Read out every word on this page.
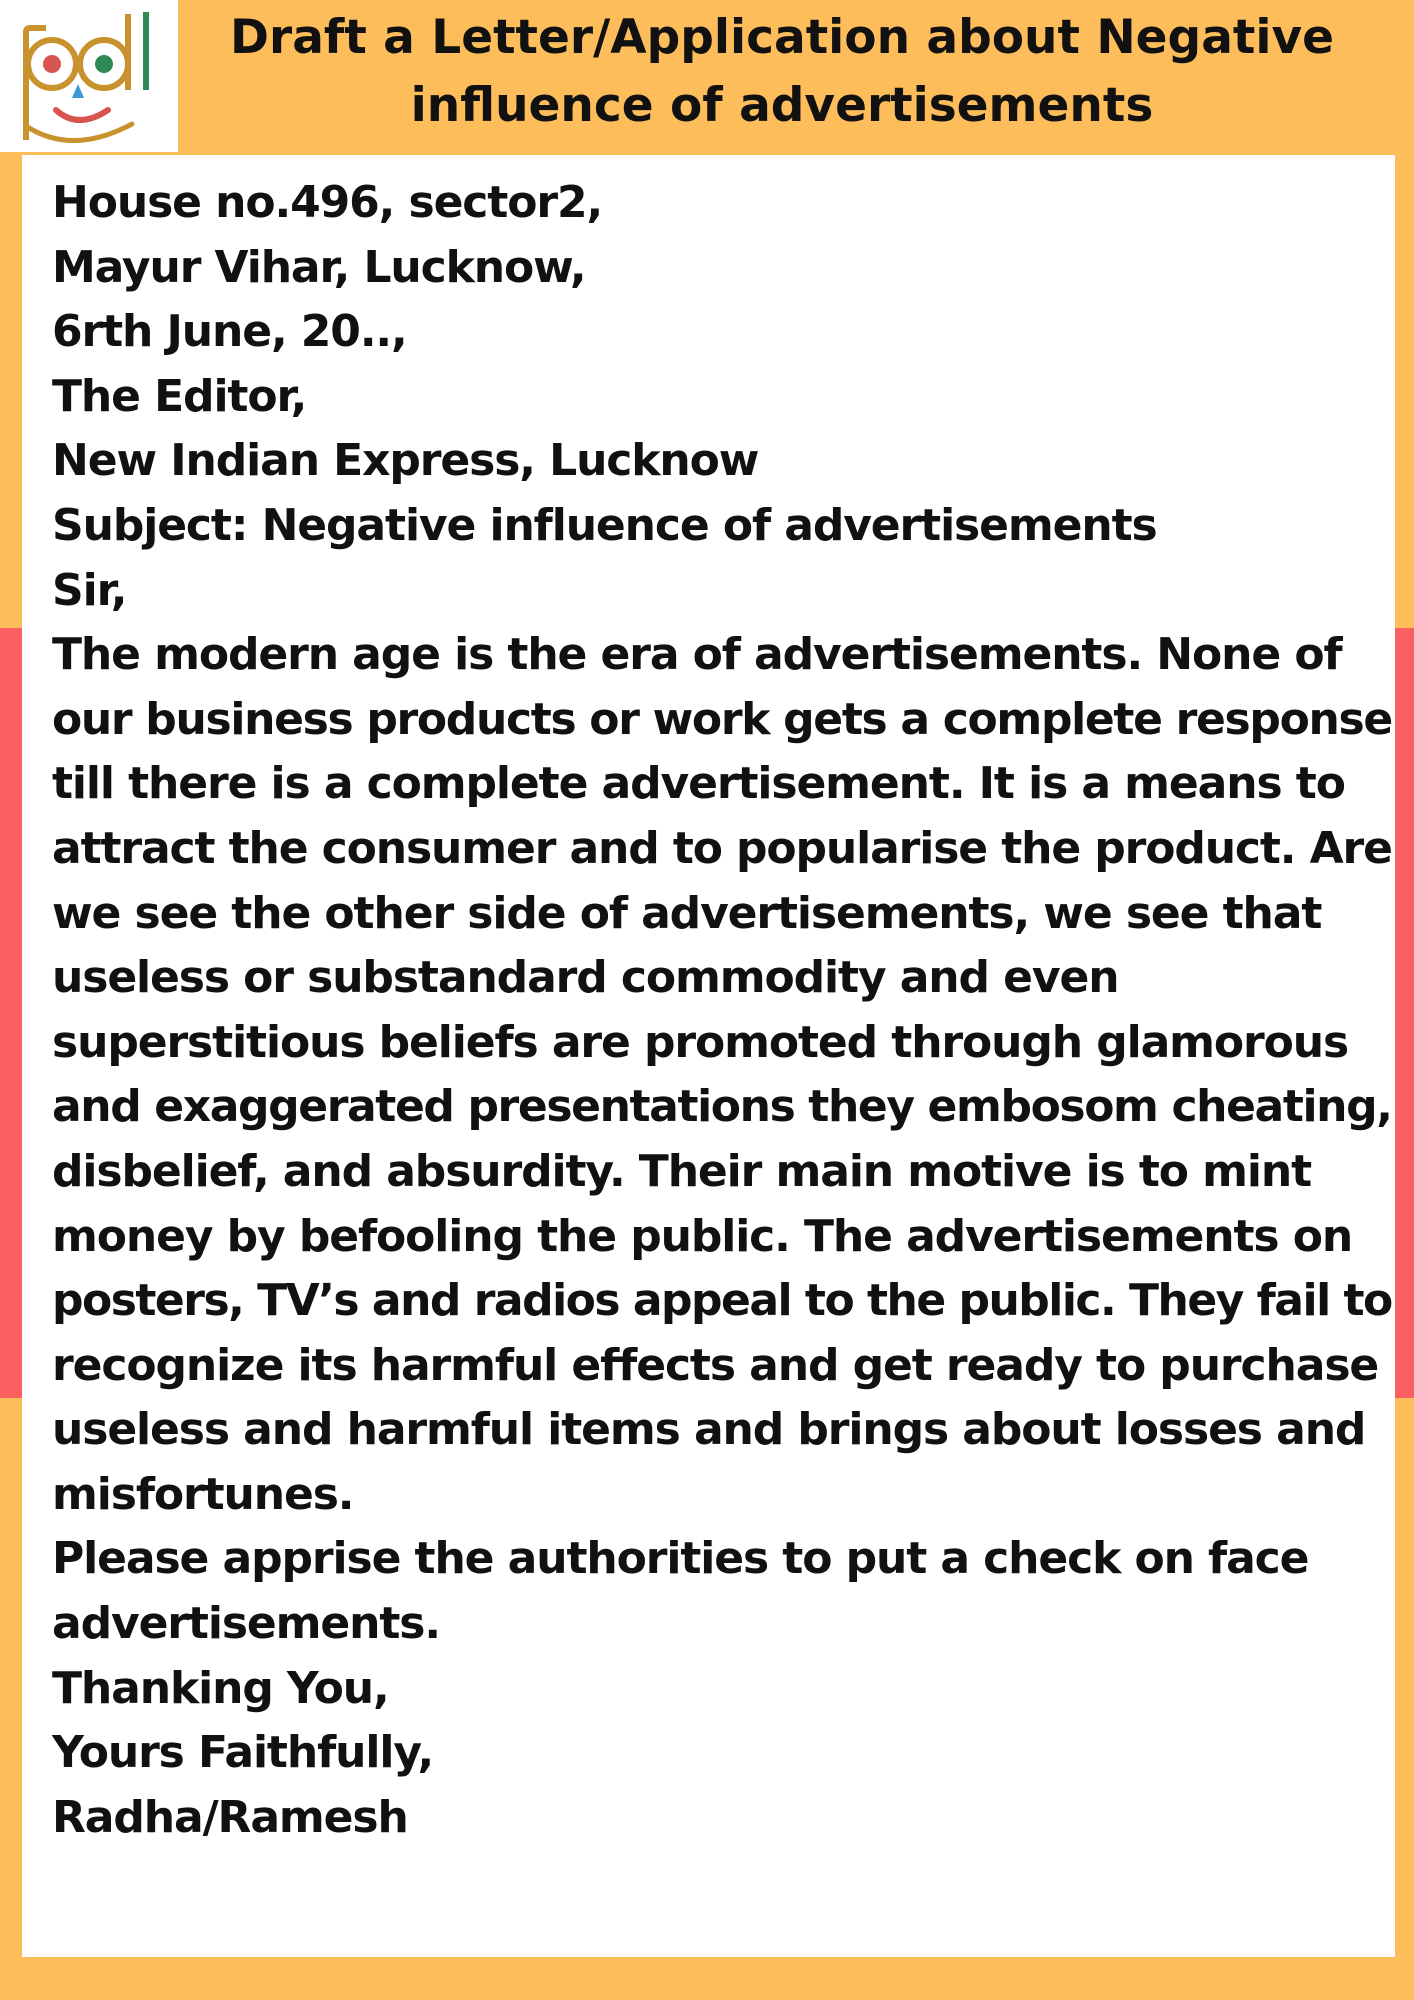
pdl
Draft a Letter/Application about Negative
influence of advertisements
House no.496, sector2,
Mayur Vihar, Lucknow,
6rth June, 20..,
The Editor,
New Indian Express, Lucknow
Subject: Negative influence of advertisements
Sir,
The modern age is the era of advertisements. None of
our business products or work gets a complete response
till there is a complete advertisement. It is a means to
attract the consumer and to popularise the product. Are
we see the other side of advertisements, we see that
useless or substandard commodity and even
superstitious beliefs are promoted through glamorous
and exaggerated presentations they embosom cheating,
disbelief, and absurdity. Their main motive is to mint
money by befooling the public. The advertisements on
posters, TV’s and radios appeal to the public. They fail to
recognize its harmful effects and get ready to purchase
useless and harmful items and brings about losses and
misfortunes.
Please apprise the authorities to put a check on face
advertisements.
Thanking You,
Yours Faithfully,
Radha/Ramesh
